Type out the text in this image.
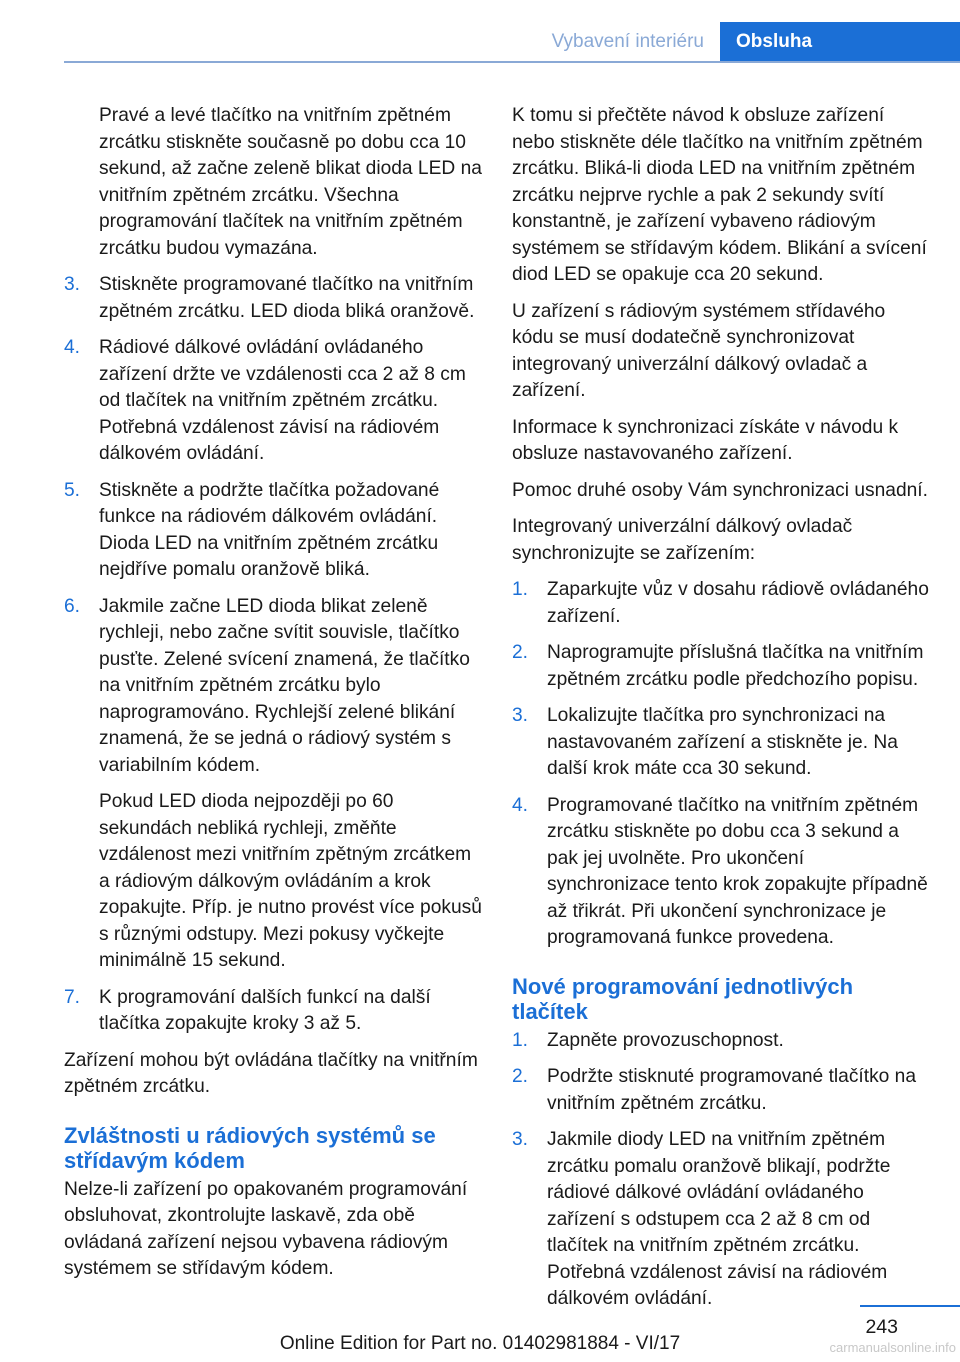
Vybavení interiéru	Obsluha

Pravé a levé tlačítko na vnitřním zpětném zrcátku stiskněte současně po dobu cca 10 sekund, až začne zeleně blikat dioda LED na vnitřním zpětném zrcátku. Všechna programování tlačítek na vnitřním zpětném zrcátku budou vymazána.

3. Stiskněte programované tlačítko na vnitřním zpětném zrcátku. LED dioda bliká oranžově.
4. Rádiové dálkové ovládání ovládaného zařízení držte ve vzdálenosti cca 2 až 8 cm od tlačítek na vnitřním zpětném zrcátku. Potřebná vzdálenost závisí na rádiovém dálkovém ovládání.
5. Stiskněte a podržte tlačítka požadované funkce na rádiovém dálkovém ovládání. Dioda LED na vnitřním zpětném zrcátku nejdříve pomalu oranžově bliká.
6. Jakmile začne LED dioda blikat zeleně rychleji, nebo začne svítit souvisle, tlačítko pusťte. Zelené svícení znamená, že tlačítko na vnitřním zpětném zrcátku bylo naprogramováno. Rychlejší zelené blikání znamená, že se jedná o rádiový systém s variabilním kódem.

Pokud LED dioda nejpozději po 60 sekundách nebliká rychleji, změňte vzdálenost mezi vnitřním zpětným zrcátkem a rádiovým dálkovým ovládáním a krok zopakujte. Příp. je nutno provést více pokusů s různými odstupy. Mezi pokusy vyčkejte minimálně 15 sekund.

7. K programování dalších funkcí na další tlačítka zopakujte kroky 3 až 5.

Zařízení mohou být ovládána tlačítky na vnitřním zpětném zrcátku.

Zvláštnosti u rádiových systémů se střídavým kódem

Nelze-li zařízení po opakovaném programování obsluhovat, zkontrolujte laskavě, zda obě ovládaná zařízení nejsou vybavena rádiovým systémem se střídavým kódem.

K tomu si přečtěte návod k obsluze zařízení nebo stiskněte déle tlačítko na vnitřním zpětném zrcátku. Bliká-li dioda LED na vnitřním zpětném zrcátku nejprve rychle a pak 2 sekundy svítí konstantně, je zařízení vybaveno rádiovým systémem se střídavým kódem. Blikání a svícení diod LED se opakuje cca 20 sekund.

U zařízení s rádiovým systémem střídavého kódu se musí dodatečně synchronizovat integrovaný univerzální dálkový ovladač a zařízení.

Informace k synchronizaci získáte v návodu k obsluze nastavovaného zařízení.

Pomoc druhé osoby Vám synchronizaci usnadní.

Integrovaný univerzální dálkový ovladač synchronizujte se zařízením:

1. Zaparkujte vůz v dosahu rádiově ovládaného zařízení.
2. Naprogramujte příslušná tlačítka na vnitřním zpětném zrcátku podle předchozího popisu.
3. Lokalizujte tlačítka pro synchronizaci na nastavovaném zařízení a stiskněte je. Na další krok máte cca 30 sekund.
4. Programované tlačítko na vnitřním zpětném zrcátku stiskněte po dobu cca 3 sekund a pak jej uvolněte. Pro ukončení synchronizace tento krok zopakujte případně až třikrát. Při ukončení synchronizace je programovaná funkce provedena.
Nové programování jednotlivých tlačítek
1. Zapněte provozuschopnost.
2. Podržte stisknuté programované tlačítko na vnitřním zpětném zrcátku.
3. Jakmile diody LED na vnitřním zpětném zrcátku pomalu oranžově blikají, podržte rádiové dálkové ovládání ovládaného zařízení s odstupem cca 2 až 8 cm od tlačítek na vnitřním zpětném zrcátku. Potřebná vzdálenost závisí na rádiovém dálkovém ovládání.
243
Online Edition for Part no. 01402981884 - VI/17	carmanualsonline.info
